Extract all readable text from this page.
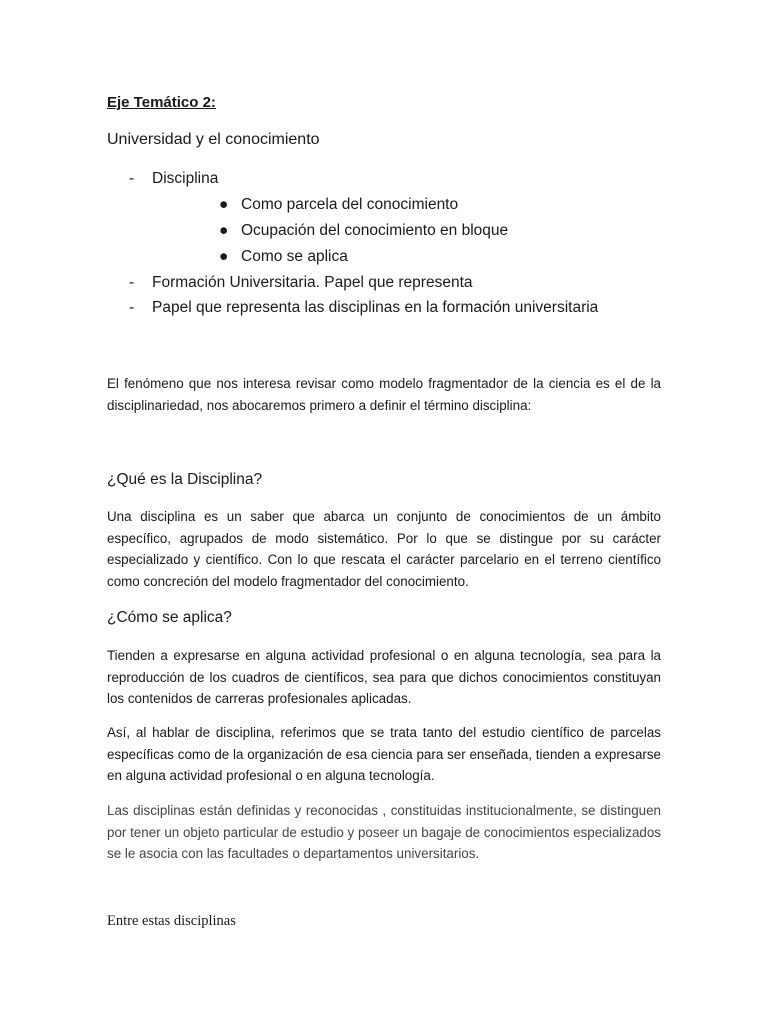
Eje Temático 2:
Universidad y el conocimiento
- Disciplina
● Como parcela del conocimiento
● Ocupación del conocimiento en bloque
● Como se aplica
- Formación Universitaria. Papel que representa
- Papel que representa las disciplinas en la formación universitaria
El fenómeno que nos interesa revisar como modelo fragmentador de la ciencia es el de la disciplinariedad, nos abocaremos primero a definir el término disciplina:
¿Qué es la Disciplina?
Una disciplina es un saber que abarca un conjunto de conocimientos de un ámbito específico, agrupados de modo sistemático. Por lo que se distingue por su carácter especializado y científico. Con lo que rescata el carácter parcelario en el terreno científico como concreción del modelo fragmentador del conocimiento.
¿Cómo se aplica?
Tienden a expresarse en alguna actividad profesional o en alguna tecnología, sea para la reproducción de los cuadros de científicos, sea para que dichos conocimientos constituyan los contenidos de carreras profesionales aplicadas.
Así, al hablar de disciplina, referimos que se trata tanto del estudio científico de parcelas específicas como de la organización de esa ciencia para ser enseñada, tienden a expresarse en alguna actividad profesional o en alguna tecnología.
Las disciplinas están definidas y reconocidas , constituidas institucionalmente, se distinguen por tener un objeto particular de estudio y poseer un bagaje de conocimientos especializados se le asocia con las facultades o departamentos universitarios.
Entre estas disciplinas
